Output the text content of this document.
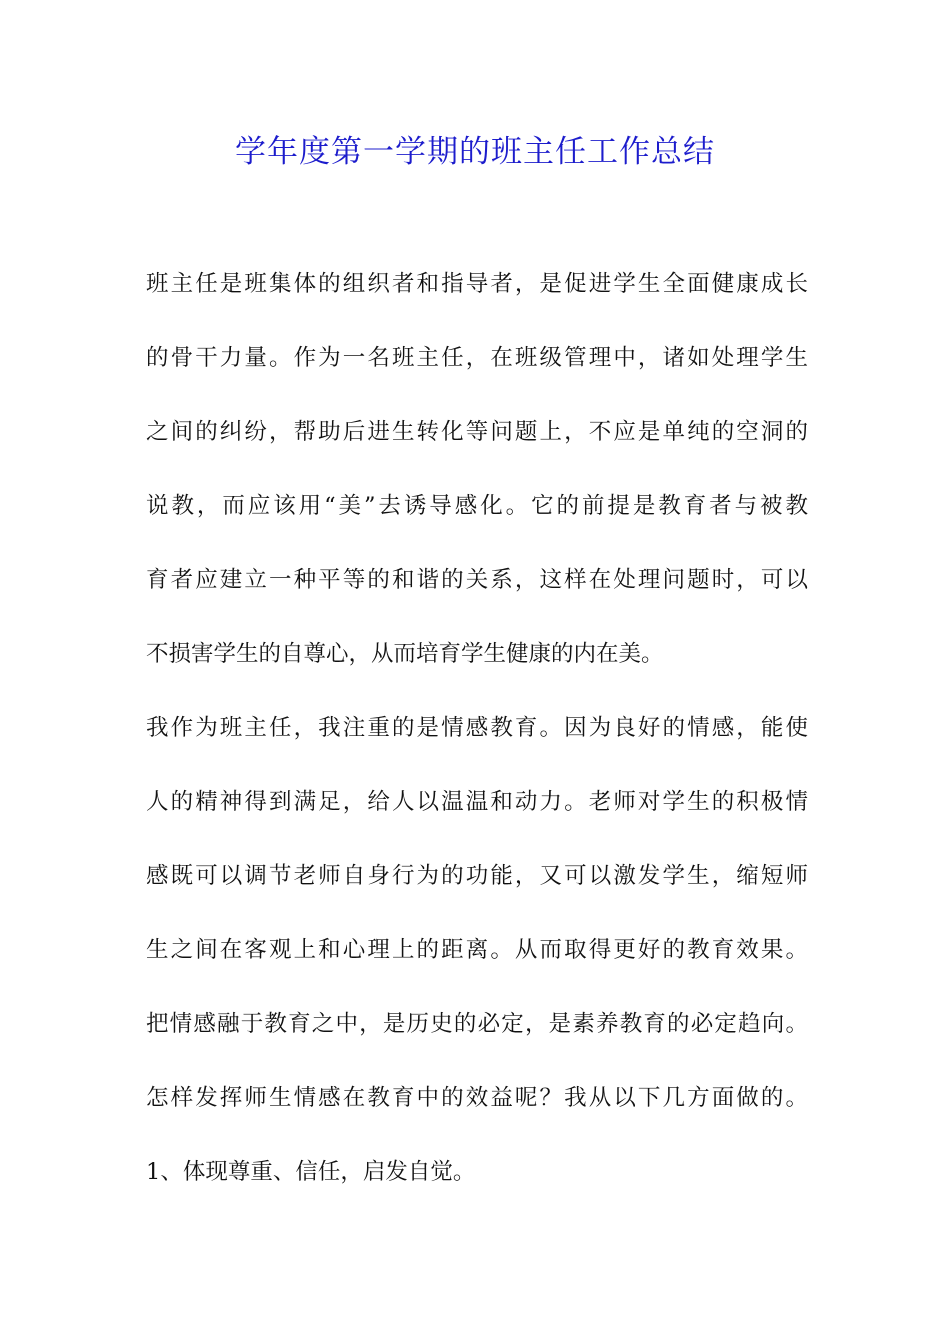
学年度第一学期的班主任工作总结
班主任是班集体的组织者和指导者，是促进学生全面健康成长
的骨干力量。作为一名班主任，在班级管理中，诸如处理学生
之间的纠纷，帮助后进生转化等问题上，不应是单纯的空洞的
说教，而应该用“美”去诱导感化。它的前提是教育者与被教
育者应建立一种平等的和谐的关系，这样在处理问题时，可以
不损害学生的自尊心，从而培育学生健康的内在美。
我作为班主任，我注重的是情感教育。因为良好的情感，能使
人的精神得到满足，给人以温温和动力。老师对学生的积极情
感既可以调节老师自身行为的功能，又可以激发学生，缩短师
生之间在客观上和心理上的距离。从而取得更好的教育效果。
把情感融于教育之中，是历史的必定，是素养教育的必定趋向。
怎样发挥师生情感在教育中的效益呢？我从以下几方面做的。
1、体现尊重、信任，启发自觉。
